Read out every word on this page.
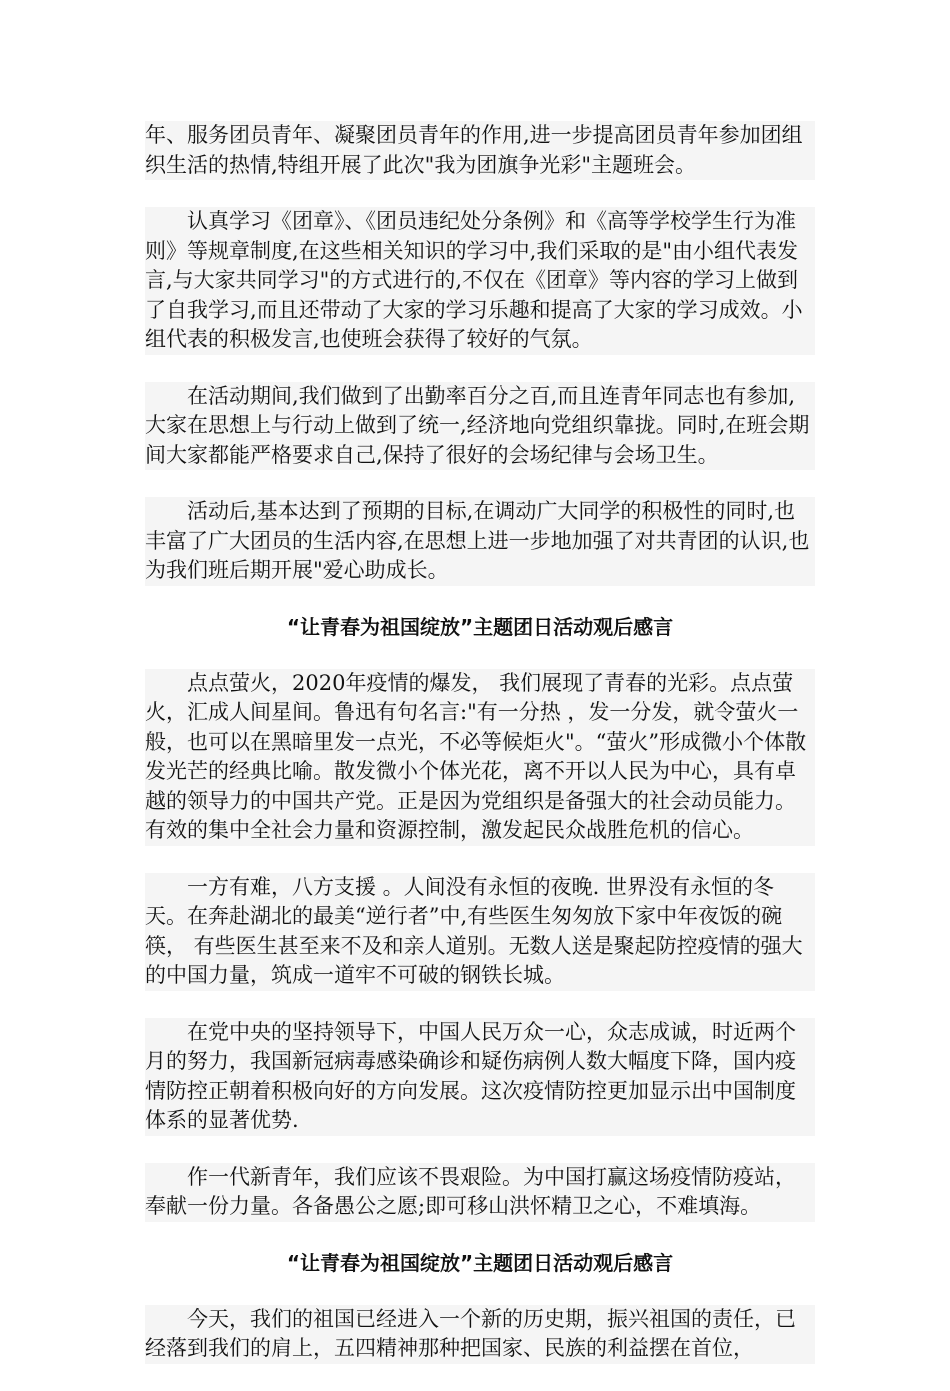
年、服务团员青年、凝聚团员青年的作用,进一步提高团员青年参加团组织生活的热情,特组开展了此次"我为团旗争光彩"主题班会。

认真学习《团章》、《团员违纪处分条例》和《高等学校学生行为准则》等规章制度,在这些相关知识的学习中,我们采取的是"由小组代表发言,与大家共同学习"的方式进行的,不仅在《团章》等内容的学习上做到了自我学习,而且还带动了大家的学习乐趣和提高了大家的学习成效。小组代表的积极发言,也使班会获得了较好的气氛。

在活动期间,我们做到了出勤率百分之百,而且连青年同志也有参加,大家在思想上与行动上做到了统一,经济地向党组织靠拢。同时,在班会期间大家都能严格要求自己,保持了很好的会场纪律与会场卫生。

活动后,基本达到了预期的目标,在调动广大同学的积极性的同时,也丰富了广大团员的生活内容,在思想上进一步地加强了对共青团的认识,也为我们班后期开展"爱心助成长。

“让青春为祖国绽放”主题团日活动观后感言

点点萤火，2020年疫情的爆发， 我们展现了青春的光彩。点点萤火，汇成人间星间。鲁迅有句名言:"有一分热 ，发一分发，就令萤火一般，也可以在黑暗里发一点光，不必等候炬火"。“萤火”形成微小个体散发光芒的经典比喻。散发微小个体光花，离不开以人民为中心，具有卓越的领导力的中国共产党。正是因为党组织是备强大的社会动员能力。有效的集中全社会力量和资源控制，激发起民众战胜危机的信心。

一方有难，八方支援 。人间没有永恒的夜晚. 世界没有永恒的冬天。在奔赴湖北的最美“逆行者”中,有些医生匆匆放下家中年夜饭的碗筷， 有些医生甚至来不及和亲人道别。无数人送是聚起防控疫情的强大的中国力量，筑成一道牢不可破的钢铁长城。

在党中央的坚持领导下，中国人民万众一心，众志成诚，时近两个月的努力，我国新冠病毒感染确诊和疑伤病例人数大幅度下降，国内疫情防控正朝着积极向好的方向发展。这次疫情防控更加显示出中国制度体系的显著优势.

作一代新青年，我们应该不畏艰险。为中国打赢这场疫情防疫站，奉献一份力量。各备愚公之愿;即可移山洪怀精卫之心，不难填海。

“让青春为祖国绽放”主题团日活动观后感言

今天，我们的祖国已经进入一个新的历史期，振兴祖国的责任，已经落到我们的肩上，五四精神那种把国家、民族的利益摆在首位，
